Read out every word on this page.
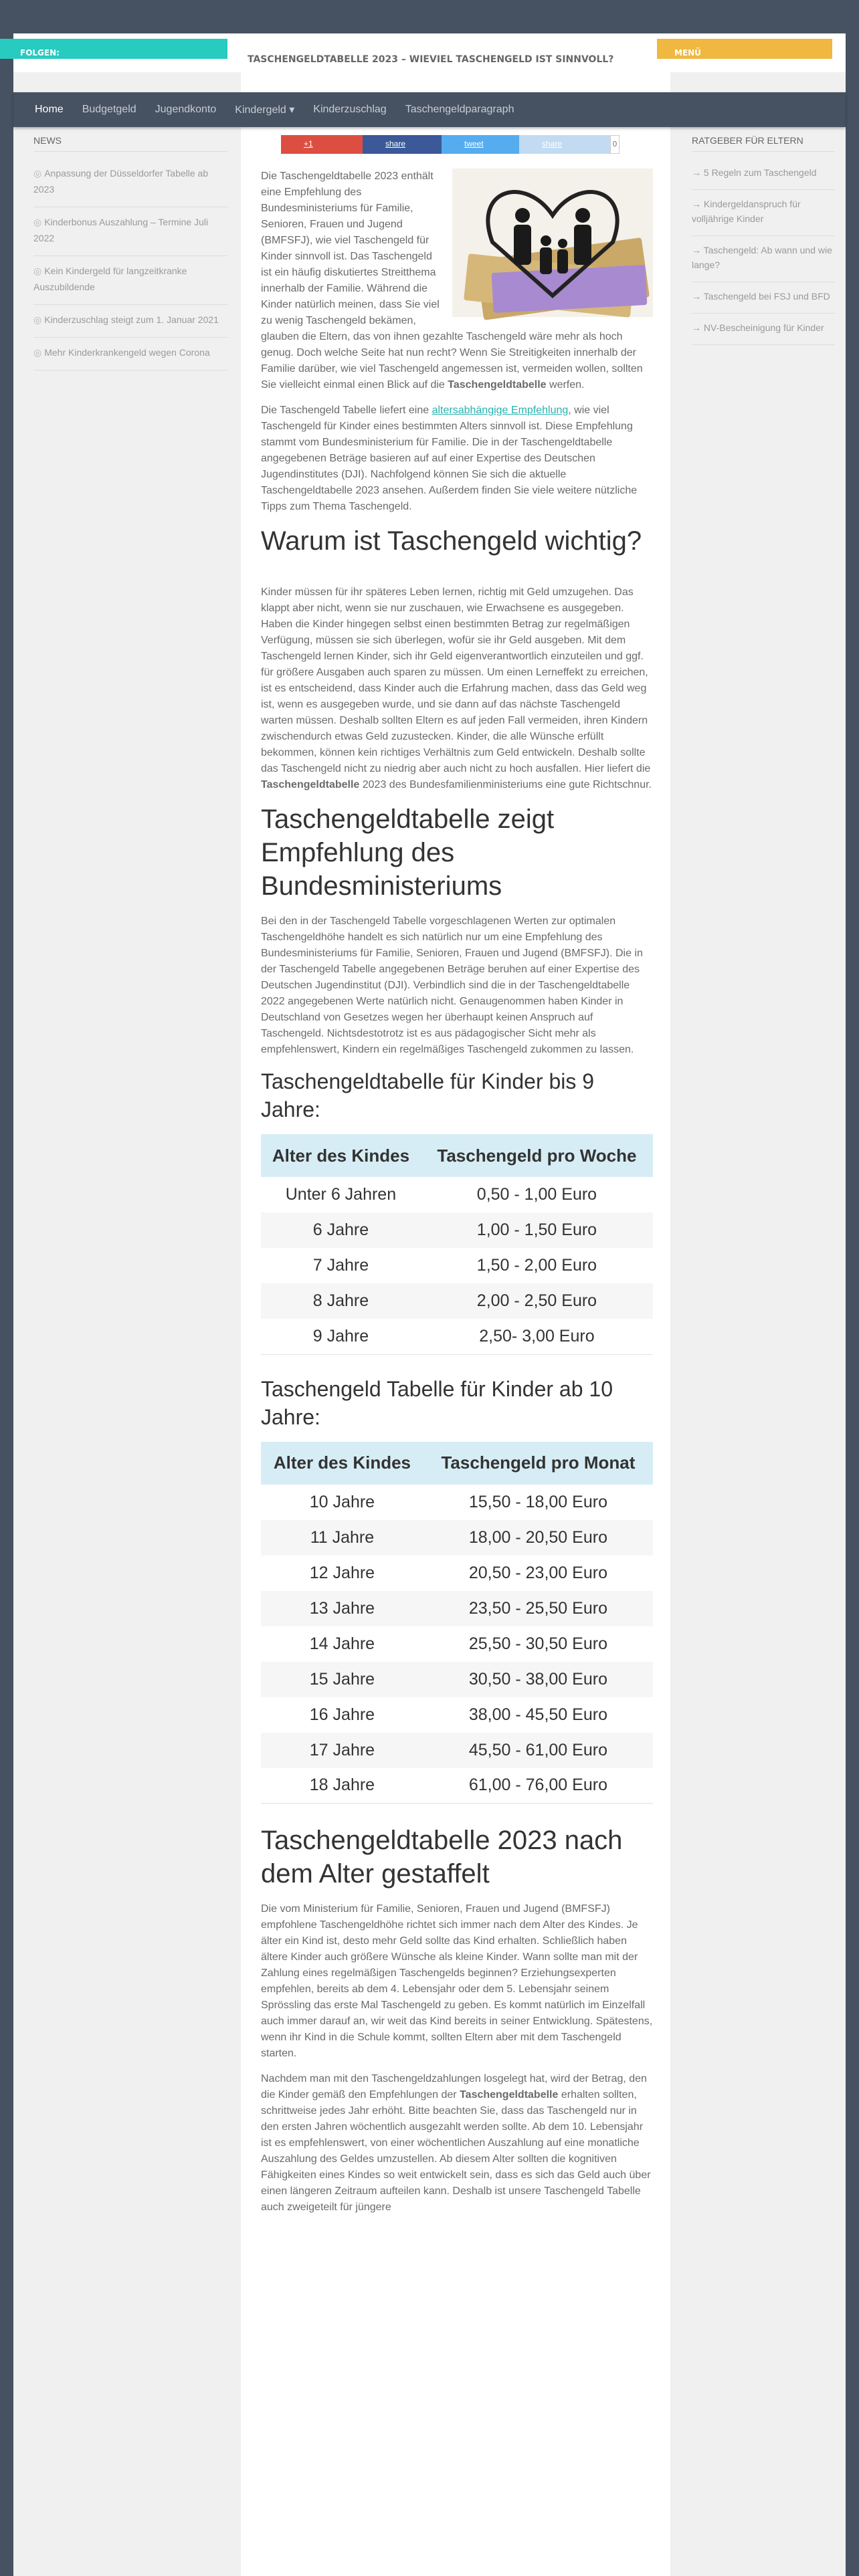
FOLGEN:	MENÜ
Home	Budgetgeld	Jugendkonto	Kindergeld ▾	Kinderzuschlag	Taschengeldparagraph
NEWS
◎ Anpassung der Düsseldorfer Tabelle ab 2023
◎ Kinderbonus Auszahlung – Termine Juli 2022
◎ Kein Kindergeld für langzeitkranke Auszubildende
◎ Kinderzuschlag steigt zum 1. Januar 2021
◎ Mehr Kinderkrankengeld wegen Corona
RATGEBER FÜR ELTERN
→ 5 Regeln zum Taschengeld
→ Kindergeldanspruch für volljährige Kinder
→ Taschengeld: Ab wann und wie lange?
→ Taschengeld bei FSJ und BFD
→ NV-Bescheinigung für Kinder
+1	share	tweet	share	0

Die Taschengeldtabelle 2023 enthält eine Empfehlung des Bundesministeriums für Familie, Senioren, Frauen und Jugend (BMFSFJ), wie viel Taschengeld für Kinder sinnvoll ist. Das Taschengeld ist ein häufig diskutiertes Streitthema innerhalb der Familie. Während die Kinder natürlich meinen, dass Sie viel zu wenig Taschengeld bekämen, glauben die Eltern, das von ihnen gezahlte Taschengeld wäre mehr als hoch genug. Doch welche Seite hat nun recht? Wenn Sie Streitigkeiten innerhalb der Familie darüber, wie viel Taschengeld angemessen ist, vermeiden wollen, sollten Sie vielleicht einmal einen Blick auf die Taschengeldtabelle werfen.

Die Taschengeld Tabelle liefert eine altersabhängige Empfehlung, wie viel Taschengeld für Kinder eines bestimmten Alters sinnvoll ist. Diese Empfehlung stammt vom Bundesministerium für Familie. Die in der Taschengeldtabelle angegebenen Beträge basieren auf auf einer Expertise des Deutschen Jugendinstitutes (DJI). Nachfolgend können Sie sich die aktuelle Taschengeldtabelle 2023 ansehen. Außerdem finden Sie viele weitere nützliche Tipps zum Thema Taschengeld.

Warum ist Taschengeld wichtig?

Kinder müssen für ihr späteres Leben lernen, richtig mit Geld umzugehen. Das klappt aber nicht, wenn sie nur zuschauen, wie Erwachsene es ausgegeben. Haben die Kinder hingegen selbst einen bestimmten Betrag zur regelmäßigen Verfügung, müssen sie sich überlegen, wofür sie ihr Geld ausgeben. Mit dem Taschengeld lernen Kinder, sich ihr Geld eigenverantwortlich einzuteilen und ggf. für größere Ausgaben auch sparen zu müssen. Um einen Lerneffekt zu erreichen, ist es entscheidend, dass Kinder auch die Erfahrung machen, dass das Geld weg ist, wenn es ausgegeben wurde, und sie dann auf das nächste Taschengeld warten müssen. Deshalb sollten Eltern es auf jeden Fall vermeiden, ihren Kindern zwischendurch etwas Geld zuzustecken. Kinder, die alle Wünsche erfüllt bekommen, können kein richtiges Verhältnis zum Geld entwickeln. Deshalb sollte das Taschengeld nicht zu niedrig aber auch nicht zu hoch ausfallen. Hier liefert die Taschengeldtabelle 2023 des Bundesfamilienministeriums eine gute Richtschnur.

Taschengeldtabelle zeigt Empfehlung des Bundesministeriums

Bei den in der Taschengeld Tabelle vorgeschlagenen Werten zur optimalen Taschengeldhöhe handelt es sich natürlich nur um eine Empfehlung des Bundesministeriums für Familie, Senioren, Frauen und Jugend (BMFSFJ). Die in der Taschengeld Tabelle angegebenen Beträge beruhen auf einer Expertise des Deutschen Jugendinstitut (DJI). Verbindlich sind die in der Taschengeldtabelle 2022 angegebenen Werte natürlich nicht. Genaugenommen haben Kinder in Deutschland von Gesetzes wegen her überhaupt keinen Anspruch auf Taschengeld. Nichtsdestotrotz ist es aus pädagogischer Sicht mehr als empfehlenswert, Kindern ein regelmäßiges Taschengeld zukommen zu lassen.

Taschengeldtabelle für Kinder bis 9 Jahre:
Alter des Kindes	Taschengeld pro Woche
Unter 6 Jahren	0,50 - 1,00 Euro
6 Jahre	1,00 - 1,50 Euro
7 Jahre	1,50 - 2,00 Euro
8 Jahre	2,00 - 2,50 Euro
9 Jahre	2,50- 3,00 Euro
Taschengeld Tabelle für Kinder ab 10 Jahre:
Alter des Kindes	Taschengeld pro Monat
10 Jahre	15,50 - 18,00 Euro
11 Jahre	18,00 - 20,50 Euro
12 Jahre	20,50 - 23,00 Euro
13 Jahre	23,50 - 25,50 Euro
14 Jahre	25,50 - 30,50 Euro
15 Jahre	30,50 - 38,00 Euro
16 Jahre	38,00 - 45,50 Euro
17 Jahre	45,50 - 61,00 Euro
18 Jahre	61,00 - 76,00 Euro
Taschengeldtabelle 2023 nach dem Alter gestaffelt

Die vom Ministerium für Familie, Senioren, Frauen und Jugend (BMFSFJ) empfohlene Taschengeldhöhe richtet sich immer nach dem Alter des Kindes. Je älter ein Kind ist, desto mehr Geld sollte das Kind erhalten. Schließlich haben ältere Kinder auch größere Wünsche als kleine Kinder. Wann sollte man mit der Zahlung eines regelmäßigen Taschengelds beginnen? Erziehungsexperten empfehlen, bereits ab dem 4. Lebensjahr oder dem 5. Lebensjahr seinem Sprössling das erste Mal Taschengeld zu geben. Es kommt natürlich im Einzelfall auch immer darauf an, wir weit das Kind bereits in seiner Entwicklung. Spätestens, wenn ihr Kind in die Schule kommt, sollten Eltern aber mit dem Taschengeld starten.

Nachdem man mit den Taschengeldzahlungen losgelegt hat, wird der Betrag, den die Kinder gemäß den Empfehlungen der Taschengeldtabelle erhalten sollten, schrittweise jedes Jahr erhöht. Bitte beachten Sie, dass das Taschengeld nur in den ersten Jahren wöchentlich ausgezahlt werden sollte. Ab dem 10. Lebensjahr ist es empfehlenswert, von einer wöchentlichen Auszahlung auf eine monatliche Auszahlung des Geldes umzustellen. Ab diesem Alter sollten die kognitiven Fähigkeiten eines Kindes so weit entwickelt sein, dass es sich das Geld auch über einen längeren Zeitraum aufteilen kann. Deshalb ist unsere Taschengeld Tabelle auch zweigeteilt für jüngere
